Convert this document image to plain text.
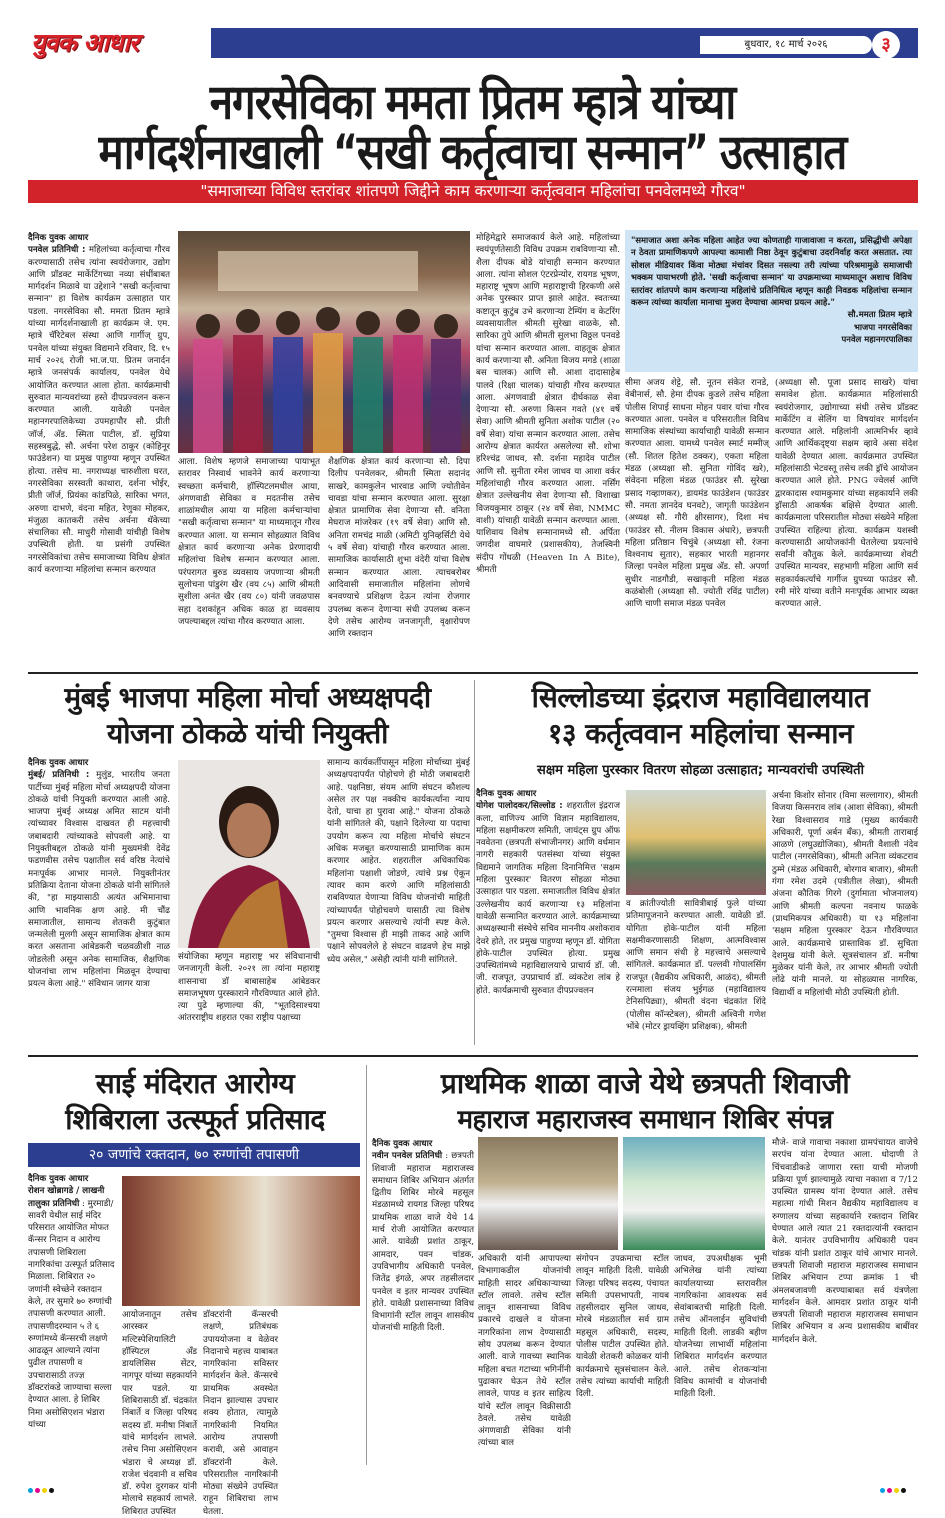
युवक आधार	बुधवार, १८ मार्च २०२६	३
नगरसेविका ममता प्रितम म्हात्रे यांच्या
मार्गदर्शनाखाली “सखी कर्तृत्वाचा सन्मान” उत्साहात
"समाजाच्या विविध स्तरांवर शांतपणे जिद्दीने काम करणाऱ्या कर्तृत्ववान महिलांचा पनवेलमध्ये गौरव"
दैनिक युवक आधार
पनवेल प्रतिनिधी : महिलांच्या कर्तृत्वाचा गौरव करण्यासाठी तसेच त्यांना स्वयंरोजगार, उद्योग आणि प्रॉडक्ट मार्केटिंगच्या नव्या संधींबाबत मार्गदर्शन मिळावे या उद्देशाने "सखी कर्तृत्वाचा सन्मान" हा विशेष कार्यक्रम उत्साहात पार पडला. नगरसेविका सौ. ममता प्रितम म्हात्रे यांच्या मार्गदर्शनाखाली हा कार्यक्रम जे. एम. म्हात्रे चॅरिटेबल संस्था आणि गार्गीज् ग्रुप, पनवेल यांच्या संयुक्त विद्यमाने रविवार, दि. १५ मार्च २०२६ रोजी भा.ज.पा. प्रितम जनार्दन म्हात्रे जनसंपर्क कार्यालय, पनवेल येथे आयोजित करण्यात आला होता. कार्यक्रमाची सुरुवात मान्यवरांच्या हस्ते दीपप्रज्वलन करून करण्यात आली. यावेळी पनवेल महानगरपालिकेच्या उपमहापौर सौ. प्रीती जॉर्ज, अ‍ॅड. स्मिता पाटील, डॉ. सुप्रिया सहस्त्रबुद्धे, सौ. अर्चना परेश ठाकूर (कोहिनूर फाउंडेशन) या प्रमुख पाहुण्या म्हणून उपस्थित होत्या. तसेच मा. नगराध्यक्ष चारुशीला घरत, नगरसेविका सरस्वती काथारा, दर्शना भोईर, प्रीती जॉर्ज, प्रियंका कांडपिळे, सारिका भगत, अरुणा दाभणे, वंदना महित, रेणुका मोहकर, मंजुळा कातकरी तसेच अर्चना थॅकेच्या संचालिका सौ. माधुरी गोसावी यांचीही विशेष उपस्थिती होती. या प्रसंगी उपस्थित नगरसेविकांचा तसेच समाजाच्या विविध क्षेत्रांत कार्य करणाऱ्या महिलांचा सन्मान करण्यात
आला. विशेष म्हणजे समाजाच्या पायाभूत स्तरावर निस्वार्थ भावनेने कार्य करणाऱ्या स्वच्छता कर्मचारी, हॉस्पिटलमधील आया, अंगणवाडी सेविका व मदतनीस तसेच शाळांमधील आया या महिला कर्मचाऱ्यांचा "सखी कर्तृत्वाचा सन्मान" या माध्यमातून गौरव करण्यात आला. या सन्मान सोहळ्यात विविध क्षेत्रात कार्य करणाऱ्या अनेक प्रेरणादायी महिलांचा विशेष सन्मान करण्यात आला. परंपरागत बुरुड व्यवसाय जपणाऱ्या श्रीमती सुलोचना पांडुरंग खैर (वय ८५) आणि श्रीमती सुशीला अनंत खैर (वय ८०) यांनी जवळपास सहा दशकांहून अधिक काळ हा व्यवसाय जपल्याबद्दल त्यांचा गौरव करण्यात आला.
शैक्षणिक क्षेत्रात कार्य करणाऱ्या सौ. दिपा दिलीप पनवेलकर, श्रीमती स्मिता सदानंद साखरे, कामकुलेन भारवाड आणि ज्योतीवेन चावडा यांचा सन्मान करण्यात आला. सुरक्षा क्षेत्रात प्रामाणिक सेवा देणाऱ्या सौ. वनिता मेघराज मांजरेकर (१९ वर्षे सेवा) आणि सौ. अनिता रामचंद्र माळी (अमिटी युनिव्हर्सिटी येथे ५ वर्षे सेवा) यांचाही गौरव करण्यात आला. सामाजिक कार्यासाठी शुभा वंदेरी यांचा विशेष सन्मान करण्यात आला. त्याचबरोबर आदिवासी समाजातील महिलांना लोणचे बनवण्याचे प्रशिक्षण देऊन त्यांना रोजगार उपलब्ध करून देणाऱ्या संधी उपलब्ध करून देणे तसेच आरोग्य जनजागृती, वृक्षारोपण आणि रक्तदान
मोहिमेद्वारे समाजकार्य केले आहे. महिलांच्या स्वयंपूर्णतेसाठी विविध उपक्रम राबविणाऱ्या सौ. शैला दीपक बोडे यांचाही सन्मान करण्यात आला. त्यांना सोशल एंटरप्रेन्योर, रायगड भूषण, महाराष्ट्र भूषण आणि महाराष्ट्राची हिरकणी असे अनेक पुरस्कार प्राप्त झाले आहेत. स्वतःच्या कष्टातून कुटुंब उभे करणाऱ्या टेम्पिंग व केटरिंग व्यवसायातील श्रीमती सुरेखा वाळके, सौ. सारिका तुपे आणि श्रीमती सुलभा विठ्ठल पनवडे यांचा सन्मान करण्यात आला. वाहतूक क्षेत्रात कार्य करणाऱ्या सौ. अनिता विजय मगडे (शाळा बस चालक) आणि सौ. आशा दादासाहेब पालवे (रिक्षा चालक) यांचाही गौरव करण्यात आला. अंगणवाडी क्षेत्रात दीर्घकाळ सेवा देणाऱ्या सौ. अरुणा किसन गवते (४१ वर्षे सेवा) आणि श्रीमती सुनिता अशोक पाटील (२० वर्षे सेवा) यांचा सन्मान करण्यात आला. तसेच आरोग्य क्षेत्रात कार्यरत असलेल्या सौ. शोभा हरिश्चंद्र जाधव, सौ. दर्शना महादेव पाटील आणि सौ. सुनीता रमेश जाधव या आशा वर्कर महिलांचाही गौरव करण्यात आला. नर्सिंग क्षेत्रात उल्लेखनीय सेवा देणाऱ्या सौ. विशाखा विजयकुमार ठाकूर (२४ वर्षे सेवा, NMMC वाशी) यांचाही यावेळी सन्मान करण्यात आला. याशिवाय विशेष सन्मानामध्ये सौ. अर्पिता जगदीश वाघमारे (प्रशासकीय), तेजस्विनी संदीप गोंधळी (Heaven In A Bite), श्रीमती
"समाजात अशा अनेक महिला आहेत ज्या कोणताही गाजावाजा न करता, प्रसिद्धीची अपेक्षा न ठेवता प्रामाणिकपणे आपल्या कामाशी निष्ठा ठेवून कुटुंबाचा उदरनिर्वाह करत असतात. त्या सोशल मीडियावर किंवा मोठ्या मंचांवर दिसत नसल्या तरी त्यांच्या परिश्रमामुळे समाजाची भक्कम पायाभरणी होते. 'सखी कर्तृत्वाचा सन्मान' या उपक्रमाच्या माध्यमातून अशाच विविध स्तरांवर शांतपणे काम करणाऱ्या महिलांचे प्रतिनिधित्व म्हणून काही निवडक महिलांचा सन्मान करून त्यांच्या कार्याला मानाचा मुजरा देण्याचा आमचा प्रयत्न आहे."
सौ.ममता प्रितम म्हात्रे
भाजपा नगरसेविका
पनवेल महानगरपालिका
सीमा अजय शेट्टे, सौ. नूतन संकेत रानडे, वेबीनार्स, सौ. हेमा दीपक कुडले तसेच महिला पोलीस शिपाई साधना मोहन पवार यांचा गौरव करण्यात आला. पनवेल व परिसरातील विविध सामाजिक संस्थांच्या कार्याचाही यावेळी सन्मान करण्यात आला. यामध्ये पनवेल स्मार्ट मम्मीज् (सौ. शितल हितेश ठक्कर), एकता महिला मंडळ (अध्यक्षा सौ. सुनिता गोविंद खरे), संवेदना महिला मंडळ (फाउंडर सौ. सुरेखा प्रसाद गव्हाणकर), डायमंड फाउंडेशन (फाउंडर सौ. नमता ज्ञानदेव घनवटे), जागृती फाउंडेशन (अध्यक्ष सौ. गौरी क्षीरसागर), दिशा मंच (फाउंडर सौ. नीलम विकास अंधारे), छत्रपती महिला प्रतिष्ठान चिचुंबे (अध्यक्षा सौ. रंजना विश्वनाथ सुतार), सहकार भारती महानगर जिल्हा पनवेल महिला प्रमुख अ‍ॅड. सौ. अपर्णा सुधीर नाडगौडी, सखाकृती महिला मंडळ कळंबोली (अध्यक्षा सौ. ज्योती रविंद्र पाटील) आणि चाणी समाज मंडळ पनवेल
(अध्यक्षा सौ. पूजा प्रसाद साखरे) यांचा समावेश होता. कार्यक्रमात महिलांसाठी स्वयंरोजगार, उद्योगाच्या संधी तसेच प्रॉडक्ट मार्केटिंग व सेलिंग या विषयांवर मार्गदर्शन करण्यात आले. महिलांनी आत्मनिर्भर व्हावे आणि आर्थिकदृष्ट्या सक्षम व्हावे असा संदेश यावेळी देण्यात आला. कार्यक्रमात उपस्थित महिलांसाठी भेटवस्तू तसेच लकी ड्रॉचे आयोजन करण्यात आले होते. PNG ज्वेलर्स आणि द्वारकादास श्यामकुमार यांच्या सहकार्याने लकी ड्रॉसाठी आकर्षक बक्षिसे देण्यात आली. कार्यक्रमाला परिसरातील मोठ्या संख्येने महिला उपस्थित राहिल्या होत्या. कार्यक्रम यशस्वी करण्यासाठी आयोजकांनी घेतलेल्या प्रयत्नांचे सर्वांनी कौतुक केले. कार्यक्रमाच्या शेवटी उपस्थित मान्यवर, सहभागी महिला आणि सर्व सहकार्यकर्त्यांचे गार्गीज ग्रुपच्या फाउंडर सौ. रमी मोरे यांच्या वतीने मनःपूर्वक आभार व्यक्त करण्यात आले.
मुंबई भाजपा महिला मोर्चा अध्यक्षपदी
योजना ठोकळे यांची नियुक्ती
दैनिक युवक आधार
मुंबई/ प्रतिनिधी : मुलुंड, भारतीय जनता पार्टीच्या मुंबई महिला मोर्चा अध्यक्षपदी योजना ठोकळे यांची नियुक्ती करण्यात आली आहे. भाजपा मुंबई अध्यक्ष अमित साटम यांनी त्यांच्यावर विश्वास दाखवत ही महत्त्वाची जबाबदारी त्यांच्याकडे सोपवली आहे. या नियुक्तीबद्दल ठोकळे यांनी मुख्यमंत्री देवेंद्र फडणवीस तसेच पक्षातील सर्व वरिष्ठ नेत्यांचे मनःपूर्वक आभार मानले. नियुक्तीनंतर प्रतिक्रिया देताना योजना ठोकळे यांनी सांगितले की, "हा माझ्यासाठी अत्यंत अभिमानाचा आणि भावनिक क्षण आहे. मी चौंढ समाजातील, सामान्य शेतकरी कुटुंबात जन्मलेली मुलगी असून सामाजिक क्षेत्रात काम करत असताना आंबेडकरी चळवळीशी नाळ जोडलेली असून अनेक सामाजिक, शैक्षणिक योजनांचा लाभ महिलांना मिळवून देण्याचा प्रयत्न केला आहे." संविधान जागर यात्रा
संयोजिका म्हणून महाराष्ट्र भर संविधानाची जनजागृती केली. २०२१ ला त्यांना महाराष्ट्र शासनाचा डॉ बाबासाहेब आंबेडकर समाजभूषण पुरस्काराने गौरविण्यात आले होते. त्या पुढे म्हणाल्या की, "भूतदिसाश्चया आंतरराष्ट्रीय शहरात एका राष्ट्रीय पक्षाच्या
सामान्य कार्यकर्तीपासून महिला मोर्चाच्या मुंबई अध्यक्षपदापर्यंत पोहोचणे ही मोठी जबाबदारी आहे. पक्षनिष्ठा, संयम आणि संघटन कौशल्य असेल तर पक्ष नक्कीच कार्यकर्त्यांना न्याय देतो, याचा हा पुरावा आहे." योजना ठोकळे यांनी सांगितले की, पक्षाने दिलेल्या या पदाचा उपयोग करून त्या महिला मोर्चाचे संघटन अधिक मजबूत करण्यासाठी प्रामाणिक काम करणार आहेत. शहरातील अधिकाधिक महिलांना पक्षाशी जोडणे, त्यांचे प्रश्न ऐकून त्यावर काम करणे आणि महिलांसाठी राबविण्यात येणाऱ्या विविध योजनांची माहिती त्यांच्यापर्यंत पोहोचवणे यासाठी त्या विशेष प्रयत्न करणार असल्याचे त्यांनी स्पष्ट केले. "तुमचा विश्वास ही माझी ताकद आहे आणि पक्षाने सोपवलेले हे संघटन वाढवणे हेच माझे ध्येय असेल," असेही त्यांनी यांनी सांगितले.
सिल्लोडच्या इंद्रराज महाविद्यालयात
१३ कर्तृत्ववान महिलांचा सन्मान
सक्षम महिला पुरस्कार वितरण सोहळा उत्साहात; मान्यवरांची उपस्थिती
दैनिक युवक आधार
योगेश पालोदकर/सिल्लोड : शहरातील इंद्रराज कला, वाणिज्य आणि विज्ञान महाविद्यालय, महिला सक्षमीकरण समिती, जायंट्स ग्रुप ऑफ नववेतना (छत्रपती संभाजीनगर) आणि वर्धमान नागरी सहकारी पतसंस्था यांच्या संयुक्त विद्यमाने जागतिक महिला दिनानिमित्त 'सक्षम महिला पुरस्कार' वितरण सोहळा मोठ्या उत्साहात पार पडला. समाजातील विविध क्षेत्रांत उल्लेखनीय कार्य करणाऱ्या १३ महिलांना यावेळी सन्मानित करण्यात आले. कार्यक्रमाच्या अध्यक्षस्थानी संस्थेचे सचिव माननीय अशोकराव देवरे होते, तर प्रमुख पाहुण्या म्हणून डॉ. योगिता होके-पाटील उपस्थित होत्या. प्रमुख उपस्थितांमध्ये महाविद्यालयाचे प्राचार्य डॉ. जी. जी. राजपूत, उपप्राचार्य डॉ. व्यंकटेश लांब हे होते. कार्यक्रमाची सुरुवात दीपप्रज्वलन
व क्रांतीज्योती सावित्रीबाई फुले यांच्या प्रतिमापूजनाने करण्यात आली. यावेळी डॉ. योगिता होके-पाटील यांनी महिला सक्षमीकरणासाठी शिक्षण, आत्मविश्वास आणि समान संधी हे महत्त्वाचे असल्याचे सांगितले. कार्यक्रमात डॉ. पल्लवी गोपालसिंग राजपूत (वैद्यकीय अधिकारी, आळंद), श्रीमती रत्नमाला संजय भुईगळ (महाविद्यालय टेनिसपिढ्या), श्रीमती वंदना चंद्रकांत शिंदे (पोलीस कॉन्स्टेबल), श्रीमती अश्विनी गणेश भोंबे (मोटर ड्रायव्हिंग प्रशिक्षक), श्रीमती
अर्चना किशोर सोनार (विमा सल्लागार), श्रीमती विजया किसनराव लांब (आशा सेविका), श्रीमती रेखा विश्वासराव गाडे (मुख्य कार्यकारी अधिकारी, पूर्णा अर्बन बँक), श्रीमती ताराबाई आळणे (लघुउद्योजिका), श्रीमती वैशाली नंदेव पाटील (नगरसेविका), श्रीमती अनिता व्यंकटराव ठुम्मे (मंडळ अधिकारी, बोरगाव बाजार), श्रीमती गंगा रमेश उदमे (पत्रीतील लेखा), श्रीमती अंजना कौतिक गिरगे (दुर्गामाता भोजनालय) आणि श्रीमती कल्पना नवनाथ फाळके (प्राथमिकपत्र अधिकारी) या १३ महिलांना 'सक्षम महिला पुरस्कार' देऊन गौरविण्यात आले. कार्यक्रमाचे प्रास्ताविक डॉ. सुचिता देशमुख यांनी केले. सूत्रसंचालन डॉ. मनीषा मुळेकर यांनी केले, तर आभार श्रीमती ज्योती लोंढे यांनी मानले. या सोहळ्यास नागरिक, विद्यार्थी व महिलांची मोठी उपस्थिती होती.
साई मंदिरात आरोग्य
शिबिराला उत्स्फूर्त प्रतिसाद
२० जणांचे रक्तदान, ७० रुग्णांची तपासणी
दैनिक युवक आधार
रोशन खोब्रागडे / लाखनी तालुका प्रतिनिधी : मुरमाडी/सावरी येथील साई मंदिर परिसरात आयोजित मोफत कॅन्सर निदान व आरोग्य तपासणी शिबिराला नागरिकांचा उत्स्फूर्त प्रतिसाद मिळाला. शिबिरात २० जणांनी स्वेच्छेने रक्तदान केले, तर सुमारे ७० रुग्णांची तपासणी करण्यात आली. तपासणीदरम्यान ५ ते ६ रुग्णांमध्ये कॅन्सरची लक्षणे आढळून आल्याने त्यांना पुढील तपासणी व उपचारासाठी तज्ज्ञ डॉक्टरांकडे जाण्याचा सल्ला देण्यात आला. हे शिबिर निमा असोसिएशन भंडारा यांच्या
आयोजनातून तसेच आरस्कर मल्टिस्पेशियालिटी हॉस्पिटल अँड डायलिसिस सेंटर, नागपूर यांच्या सहकार्याने पार पडले. या शिबिरासाठी डॉ. चंद्रकांत निंबार्ते व जिल्हा परिषद सदस्य डॉ. मनीषा निंबार्ते यांचे मार्गदर्शन लाभले. तसेच निमा असोसिएशन भंडारा चे अध्यक्ष डॉ. राजेश चंदवानी व सचिव डॉ. रुपेश दुरगकर यांनी मोलाचे सहकार्य लाभले. शिबिरात उपस्थित
डॉक्टरांनी कॅन्सरची लक्षणे, प्रतिबंधक उपाययोजना व वेळेवर निदानाचे महत्त्व याबाबत नागरिकांना सविस्तर मार्गदर्शन केले. कॅन्सरचे प्राथमिक अवस्थेत निदान झाल्यास उपचार शक्य होतात, त्यामुळे नागरिकांनी नियमित आरोग्य तपासणी करावी, असे आवाहन डॉक्टरांनी केले. परिसरातील नागरिकांनी मोठ्या संख्येने उपस्थित राहून शिबिराचा लाभ घेतला.
प्राथमिक शाळा वाजे येथे छत्रपती शिवाजी
महाराज महाराजस्व समाधान शिबिर संपन्न
दैनिक युवक आधार
नवीन पनवेल प्रतिनिधी : छत्रपती शिवाजी महाराज महाराजस्व समाधान शिबिर अभियान अंतर्गत द्वितीय शिबिर मोरबे महसूल मंडळामध्ये रायगड जिल्हा परिषद प्राथमिक शाळा वाजे येथे 14 मार्च रोजी आयोजित करण्यात आले. यावेळी प्रशांत ठाकूर, आमदार, पवन चांडक, उपविभागीय अधिकारी पनवेल, जितेंद्र इंगळे, अपर तहसीलदार पनवेल व इतर मान्यवर उपस्थित होते. यावेळी प्रशासनाच्या विविध विभागांनी स्टॉल लावून शासकीय योजनांची माहिती दिली.
अधिकारी यांनी आपापल्या विभागाकडील योजनांची माहिती सादर अधिकाऱ्याच्या स्टॉल लावले. तसेच स्टॉल लावून शासनाच्या विविध प्रकारचे दाखले व योजना नागरिकांना लाभ देण्यासाठी सोय उपलब्ध करून देण्यात आली. वाजे गावच्या स्थानिक महिला बचत गटाच्या भगिनींनी पुढाकार घेऊन तेथे स्टॉल लावले, पापड व इतर साहित्य यांचे स्टॉल लावून विक्रीसाठी ठेवले. तसेच यावेळी अंगणवाडी सेविका यांनी त्यांच्या बाल
संगोपन उपक्रमाचा स्टॉल लावून माहिती दिली. यावेळी जिल्हा परिषद सदस्य, पंचायत समिती उपसभापती, नायब तहसीलदार सुनिल जाधव, मोरबे मंडळातील सर्व ग्राम महसूल अधिकारी, सदस्य, पोलीस पाटील उपस्थित होते. यावेळी शेतकरी कोळकर यांनी कार्यक्रमाचे सूत्रसंचालन केले. तसेच त्यांच्या कार्याची माहिती दिली.
जाधव, उपअधीक्षक भूमी अभिलेख यांनी त्यांच्या कार्यालयाच्या स्तरावरील नागरिकांना आवश्यक सर्व सेवांबाबतची माहिती दिली. तसेच ऑनलाईन सुविधांची माहिती दिली. लाडकी बहीण योजनेच्या लाभार्थी महिलांना शिबिरात मार्गदर्शन करण्यात आले. तसेच शेतकऱ्यांना विविध कामांची व योजनांची माहिती दिली.
मौजे- वाजे गावाचा नकाशा ग्रामपंचायत वाजेचे सरपंच यांना देण्यात आला. धोदाणी ते चिंचवाडीकडे जाणारा रस्ता याची मोजणी प्रक्रिया पूर्ण झाल्यामुळे त्याचा नकाशा व 7/12 उपस्थित ग्रामस्थ यांना देण्यात आले. तसेच महात्मा गांधी मिशन वैद्यकीय महाविद्यालय व रुग्णालय यांच्या सहकार्याने रक्तदान शिबिर घेण्यात आले त्यात 21 रक्तदात्यांनी रक्तदान केले. यानंतर उपविभागीय अधिकारी पवन चांडक यांनी प्रशांत ठाकूर यांचे आभार मानले. छत्रपती शिवाजी महाराज महाराजस्व समाधान शिबिर अभियान टप्पा क्रमांक 1 ची अंमलबजावणी करण्याबाबत सर्व यंत्रणेला मार्गदर्शन केले. आमदार प्रशांत ठाकूर यांनी छत्रपती शिवाजी महाराज महाराजस्व समाधान शिबिर अभियान व अन्य प्रशासकीय बाबींवर मार्गदर्शन केले.
